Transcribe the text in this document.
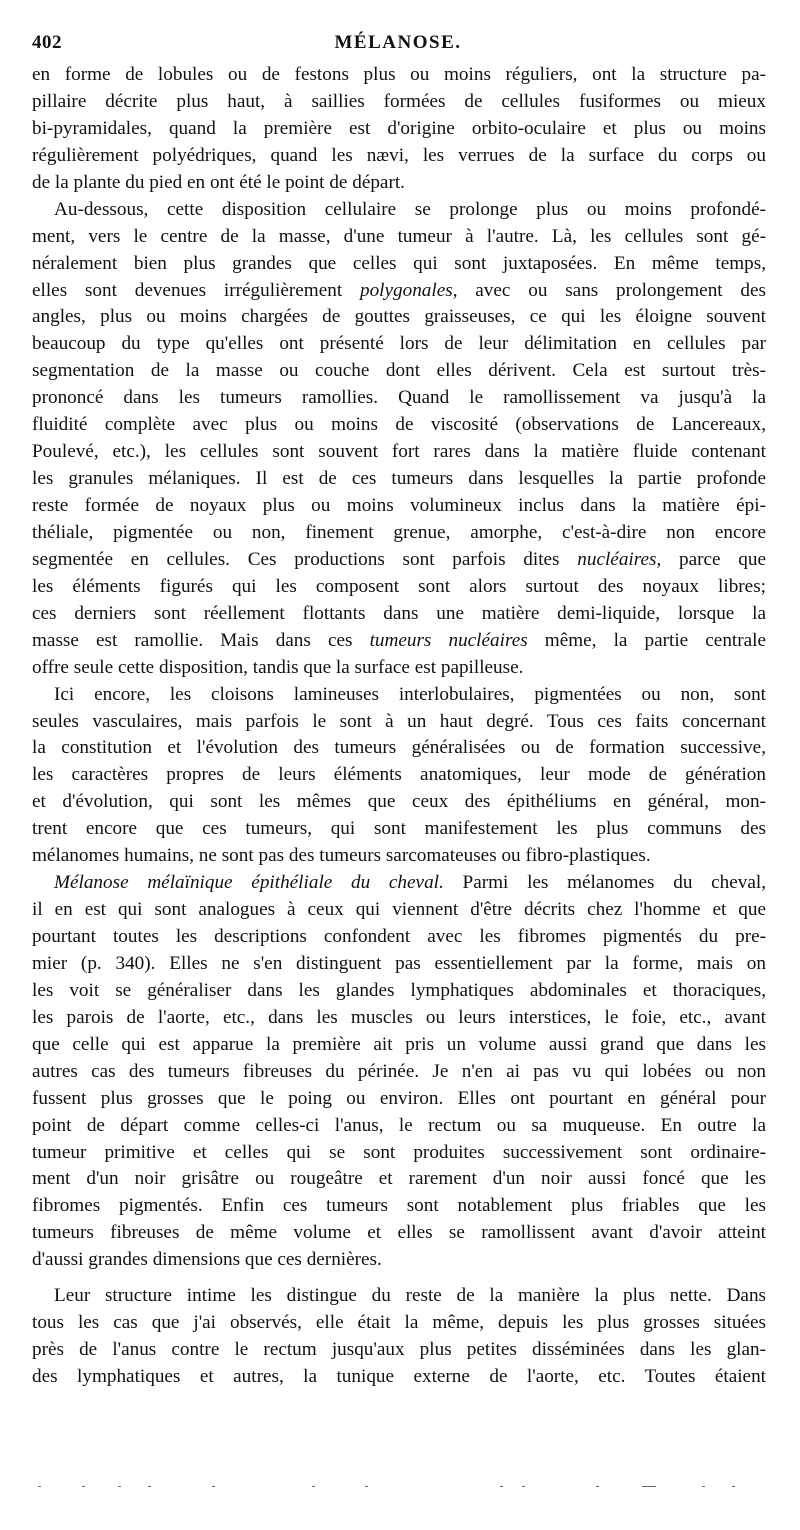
402	MÉLANOSE.
en forme de lobules ou de festons plus ou moins réguliers, ont la structure pa-
pillaire décrite plus haut, à saillies formées de cellules fusiformes ou mieux
bi-pyramidales, quand la première est d'origine orbito-oculaire et plus ou moins
régulièrement polyédriques, quand les nævi, les verrues de la surface du corps ou
de la plante du pied en ont été le point de départ.
Au-dessous, cette disposition cellulaire se prolonge plus ou moins profondé-
ment, vers le centre de la masse, d'une tumeur à l'autre. Là, les cellules sont gé-
néralement bien plus grandes que celles qui sont juxtaposées. En même temps,
elles sont devenues irrégulièrement polygonales, avec ou sans prolongement des
angles, plus ou moins chargées de gouttes graisseuses, ce qui les éloigne souvent
beaucoup du type qu'elles ont présenté lors de leur délimitation en cellules par
segmentation de la masse ou couche dont elles dérivent. Cela est surtout très-
prononcé dans les tumeurs ramollies. Quand le ramollissement va jusqu'à la
fluidité complète avec plus ou moins de viscosité (observations de Lancereaux,
Poulevé, etc.), les cellules sont souvent fort rares dans la matière fluide contenant
les granules mélaniques. Il est de ces tumeurs dans lesquelles la partie profonde
reste formée de noyaux plus ou moins volumineux inclus dans la matière épi-
théliale, pigmentée ou non, finement grenue, amorphe, c'est-à-dire non encore
segmentée en cellules. Ces productions sont parfois dites nucléaires, parce que
les éléments figurés qui les composent sont alors surtout des noyaux libres;
ces derniers sont réellement flottants dans une matière demi-liquide, lorsque la
masse est ramollie. Mais dans ces tumeurs nucléaires même, la partie centrale
offre seule cette disposition, tandis que la surface est papilleuse.
Ici encore, les cloisons lamineuses interlobulaires, pigmentées ou non, sont
seules vasculaires, mais parfois le sont à un haut degré. Tous ces faits concernant
la constitution et l'évolution des tumeurs généralisées ou de formation successive,
les caractères propres de leurs éléments anatomiques, leur mode de génération
et d'évolution, qui sont les mêmes que ceux des épithéliums en général, mon-
trent encore que ces tumeurs, qui sont manifestement les plus communs des
mélanomes humains, ne sont pas des tumeurs sarcomateuses ou fibro-plastiques.
Mélanose mélaïnique épithéliale du cheval. Parmi les mélanomes du cheval,
il en est qui sont analogues à ceux qui viennent d'être décrits chez l'homme et que
pourtant toutes les descriptions confondent avec les fibromes pigmentés du pre-
mier (p. 340). Elles ne s'en distinguent pas essentiellement par la forme, mais on
les voit se généraliser dans les glandes lymphatiques abdominales et thoraciques,
les parois de l'aorte, etc., dans les muscles ou leurs interstices, le foie, etc., avant
que celle qui est apparue la première ait pris un volume aussi grand que dans les
autres cas des tumeurs fibreuses du périnée. Je n'en ai pas vu qui lobées ou non
fussent plus grosses que le poing ou environ. Elles ont pourtant en général pour
point de départ comme celles-ci l'anus, le rectum ou sa muqueuse. En outre la
tumeur primitive et celles qui se sont produites successivement sont ordinaire-
ment d'un noir grisâtre ou rougeâtre et rarement d'un noir aussi foncé que les
fibromes pigmentés. Enfin ces tumeurs sont notablement plus friables que les
tumeurs fibreuses de même volume et elles se ramollissent avant d'avoir atteint
d'aussi grandes dimensions que ces dernières.
Leur structure intime les distingue du reste de la manière la plus nette. Dans
tous les cas que j'ai observés, elle était la même, depuis les plus grosses situées
près de l'anus contre le rectum jusqu'aux plus petites disséminées dans les glan-
des lymphatiques et autres, la tunique externe de l'aorte, etc. Toutes étaient
